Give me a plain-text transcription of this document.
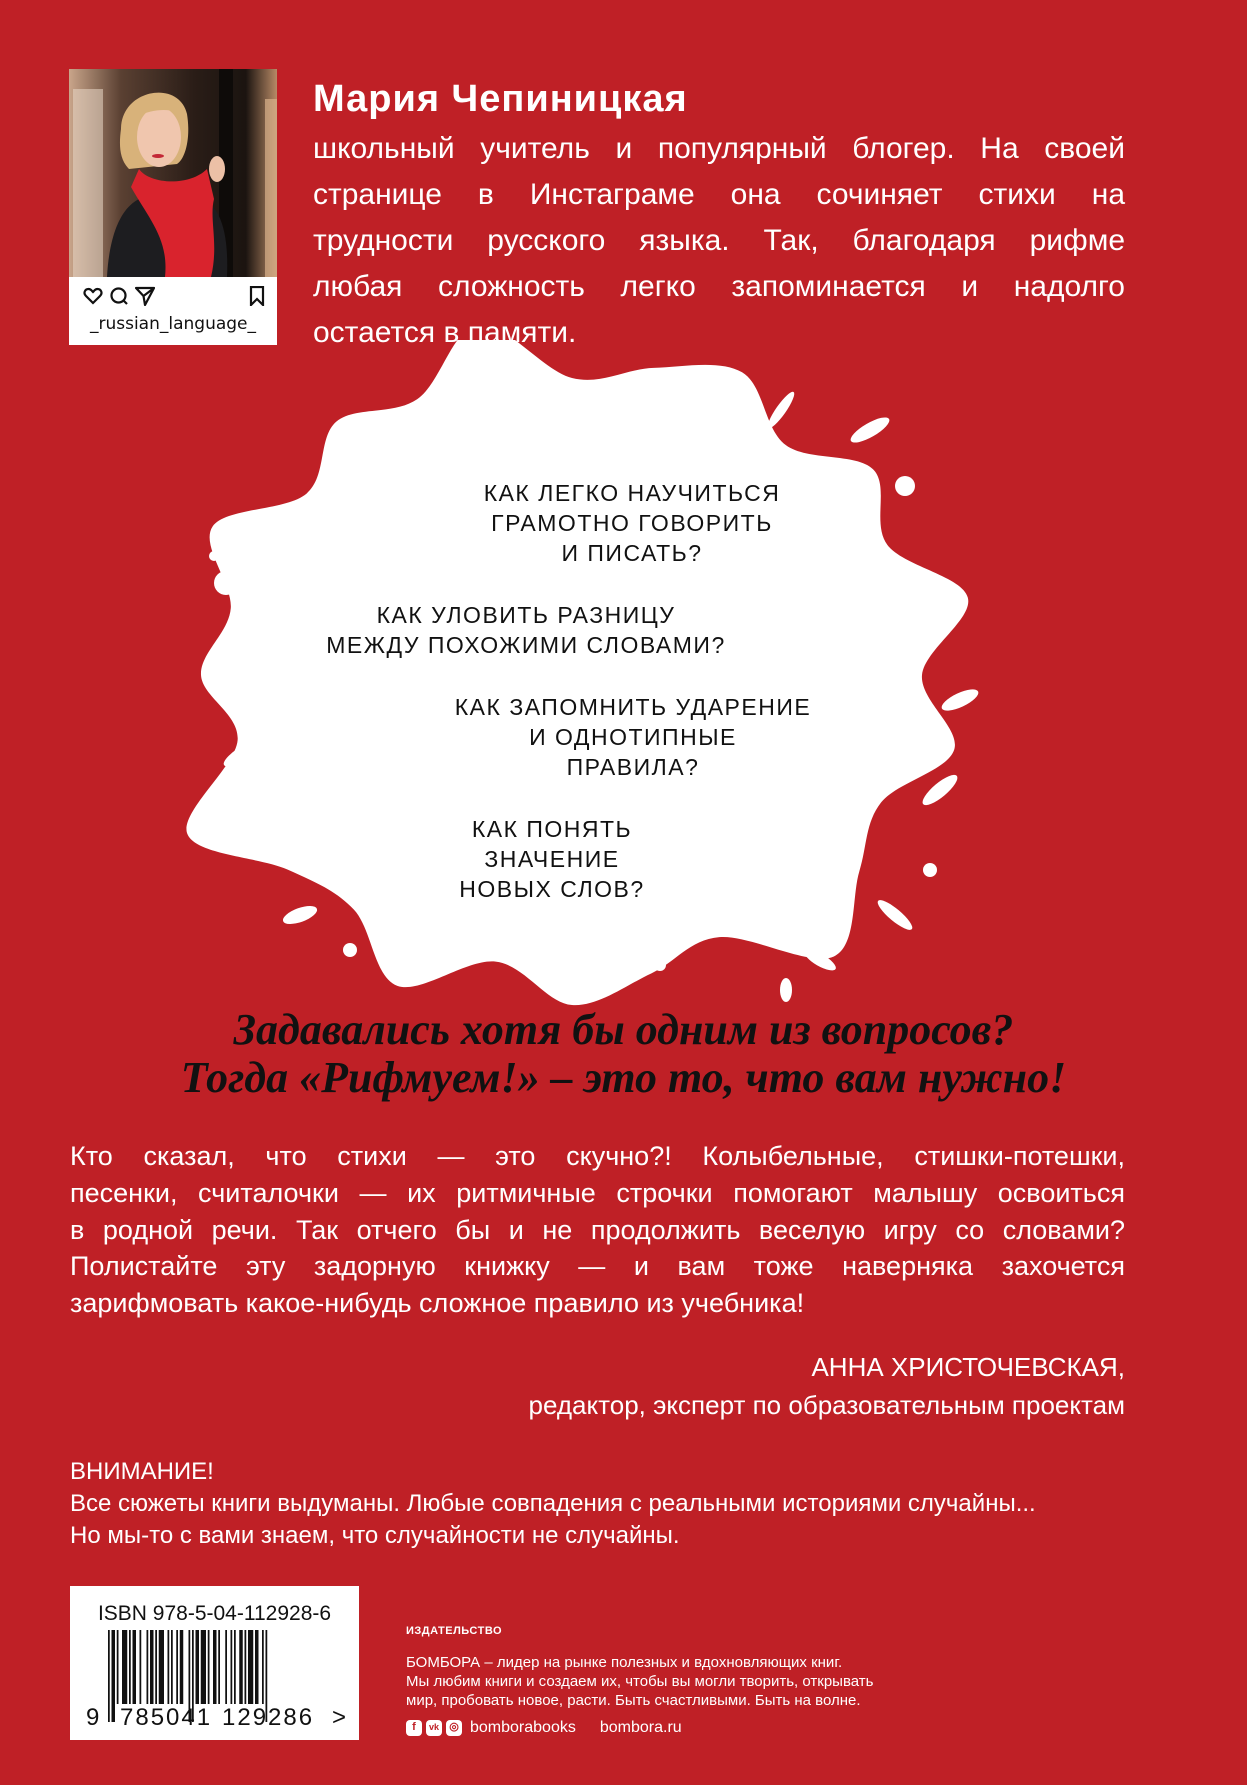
_russian_language_
Мария Чепиницкая
школьный учитель и популярный блогер. На своей
странице в Инстаграме она сочиняет стихи на
трудности русского языка. Так, благодаря рифме
любая сложность легко запоминается и надолго
остается в памяти.
КАК ЛЕГКО НАУЧИТЬСЯ
ГРАМОТНО ГОВОРИТЬ
И ПИСАТЬ?
КАК УЛОВИТЬ РАЗНИЦУ
МЕЖДУ ПОХОЖИМИ СЛОВАМИ?
КАК ЗАПОМНИТЬ УДАРЕНИЕ
И ОДНОТИПНЫЕ
ПРАВИЛА?
КАК ПОНЯТЬ
ЗНАЧЕНИЕ
НОВЫХ СЛОВ?
Задавались хотя бы одним из вопросов?
Тогда «Рифмуем!» – это то, что вам нужно!
Кто сказал, что стихи — это скучно?! Колыбельные, стишки-потешки,
песенки, считалочки — их ритмичные строчки помогают малышу освоиться
в родной речи. Так отчего бы и не продолжить веселую игру со словами?
Полистайте эту задорную книжку — и вам тоже наверняка захочется
зарифмовать какое-нибудь сложное правило из учебника!
АННА ХРИСТОЧЕВСКАЯ,
редактор, эксперт по образовательным проектам
ВНИМАНИЕ!
Все сюжеты книги выдуманы. Любые совпадения с реальными историями случайны...
Но мы-то с вами знаем, что случайности не случайны.
ISBN 978-5-04-112928-6
9 785041 129286 >
ИЗДАТЕЛЬСТВО
БОМБОРА – лидер на рынке полезных и вдохновляющих книг.
Мы любим книги и создаем их, чтобы вы могли творить, открывать
мир, пробовать новое, расти. Быть счастливыми. Быть на волне.
f	vk ◎ bomborabooks bombora.ru
